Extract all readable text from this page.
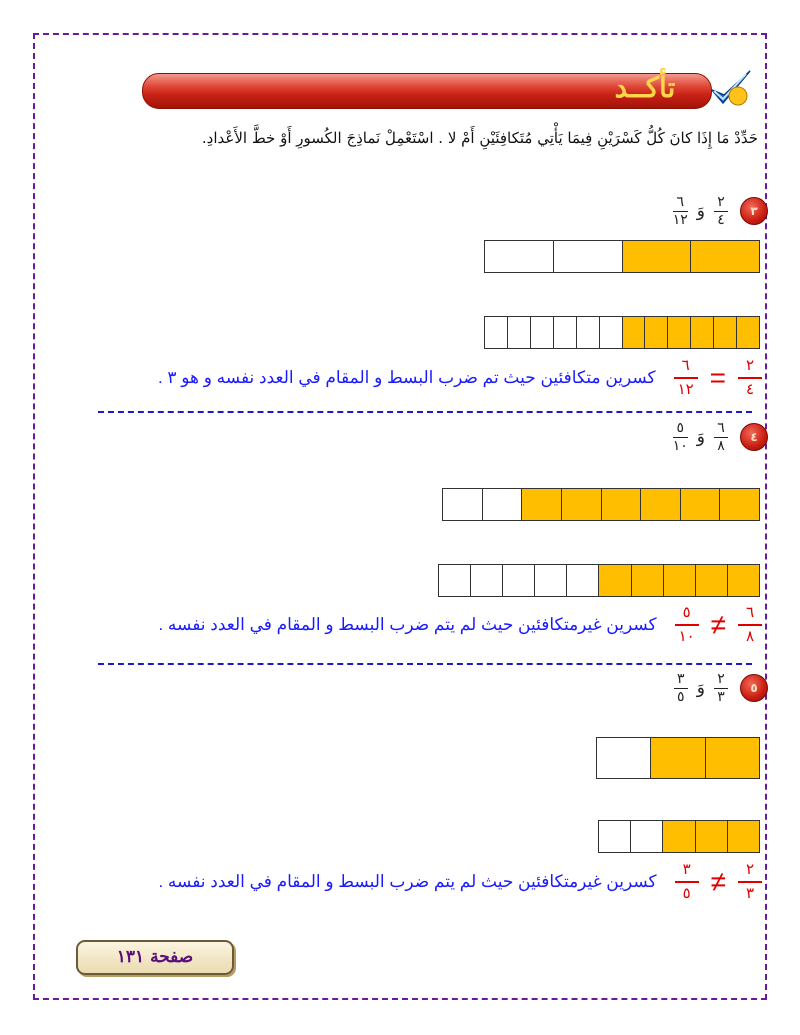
تأكــد
حَدِّدْ مَا إِذَا كانَ كُلُّ كَسْرَيْنِ فِيمَا يَأْتِي مُتَكافِئَيْنِ أَمْ لا . اسْتَعْمِلْ نَماذِجَ الكُسورِ أَوْ خطَّ الأَعْدادِ.
٣
$\frac{٢}{٤}$
وَ
$\frac{٦}{١٢}$
$\frac{٢}{٤}$
=
$\frac{٦}{١٢}$
كسرين متكافئين حيث تم ضرب البسط و المقام في العدد نفسه و هو ٣ .
٤
$\frac{٦}{٨}$
وَ
$\frac{٥}{١٠}$
$\frac{٦}{٨}$
≠
$\frac{٥}{١٠}$
كسرين غيرمتكافئين حيث لم يتم ضرب البسط و المقام في العدد نفسه .
٥
$\frac{٢}{٣}$
وَ
$\frac{٣}{٥}$
$\frac{٢}{٣}$
≠
$\frac{٣}{٥}$
كسرين غيرمتكافئين حيث لم يتم ضرب البسط و المقام في العدد نفسه .
صفحة ١٣١
